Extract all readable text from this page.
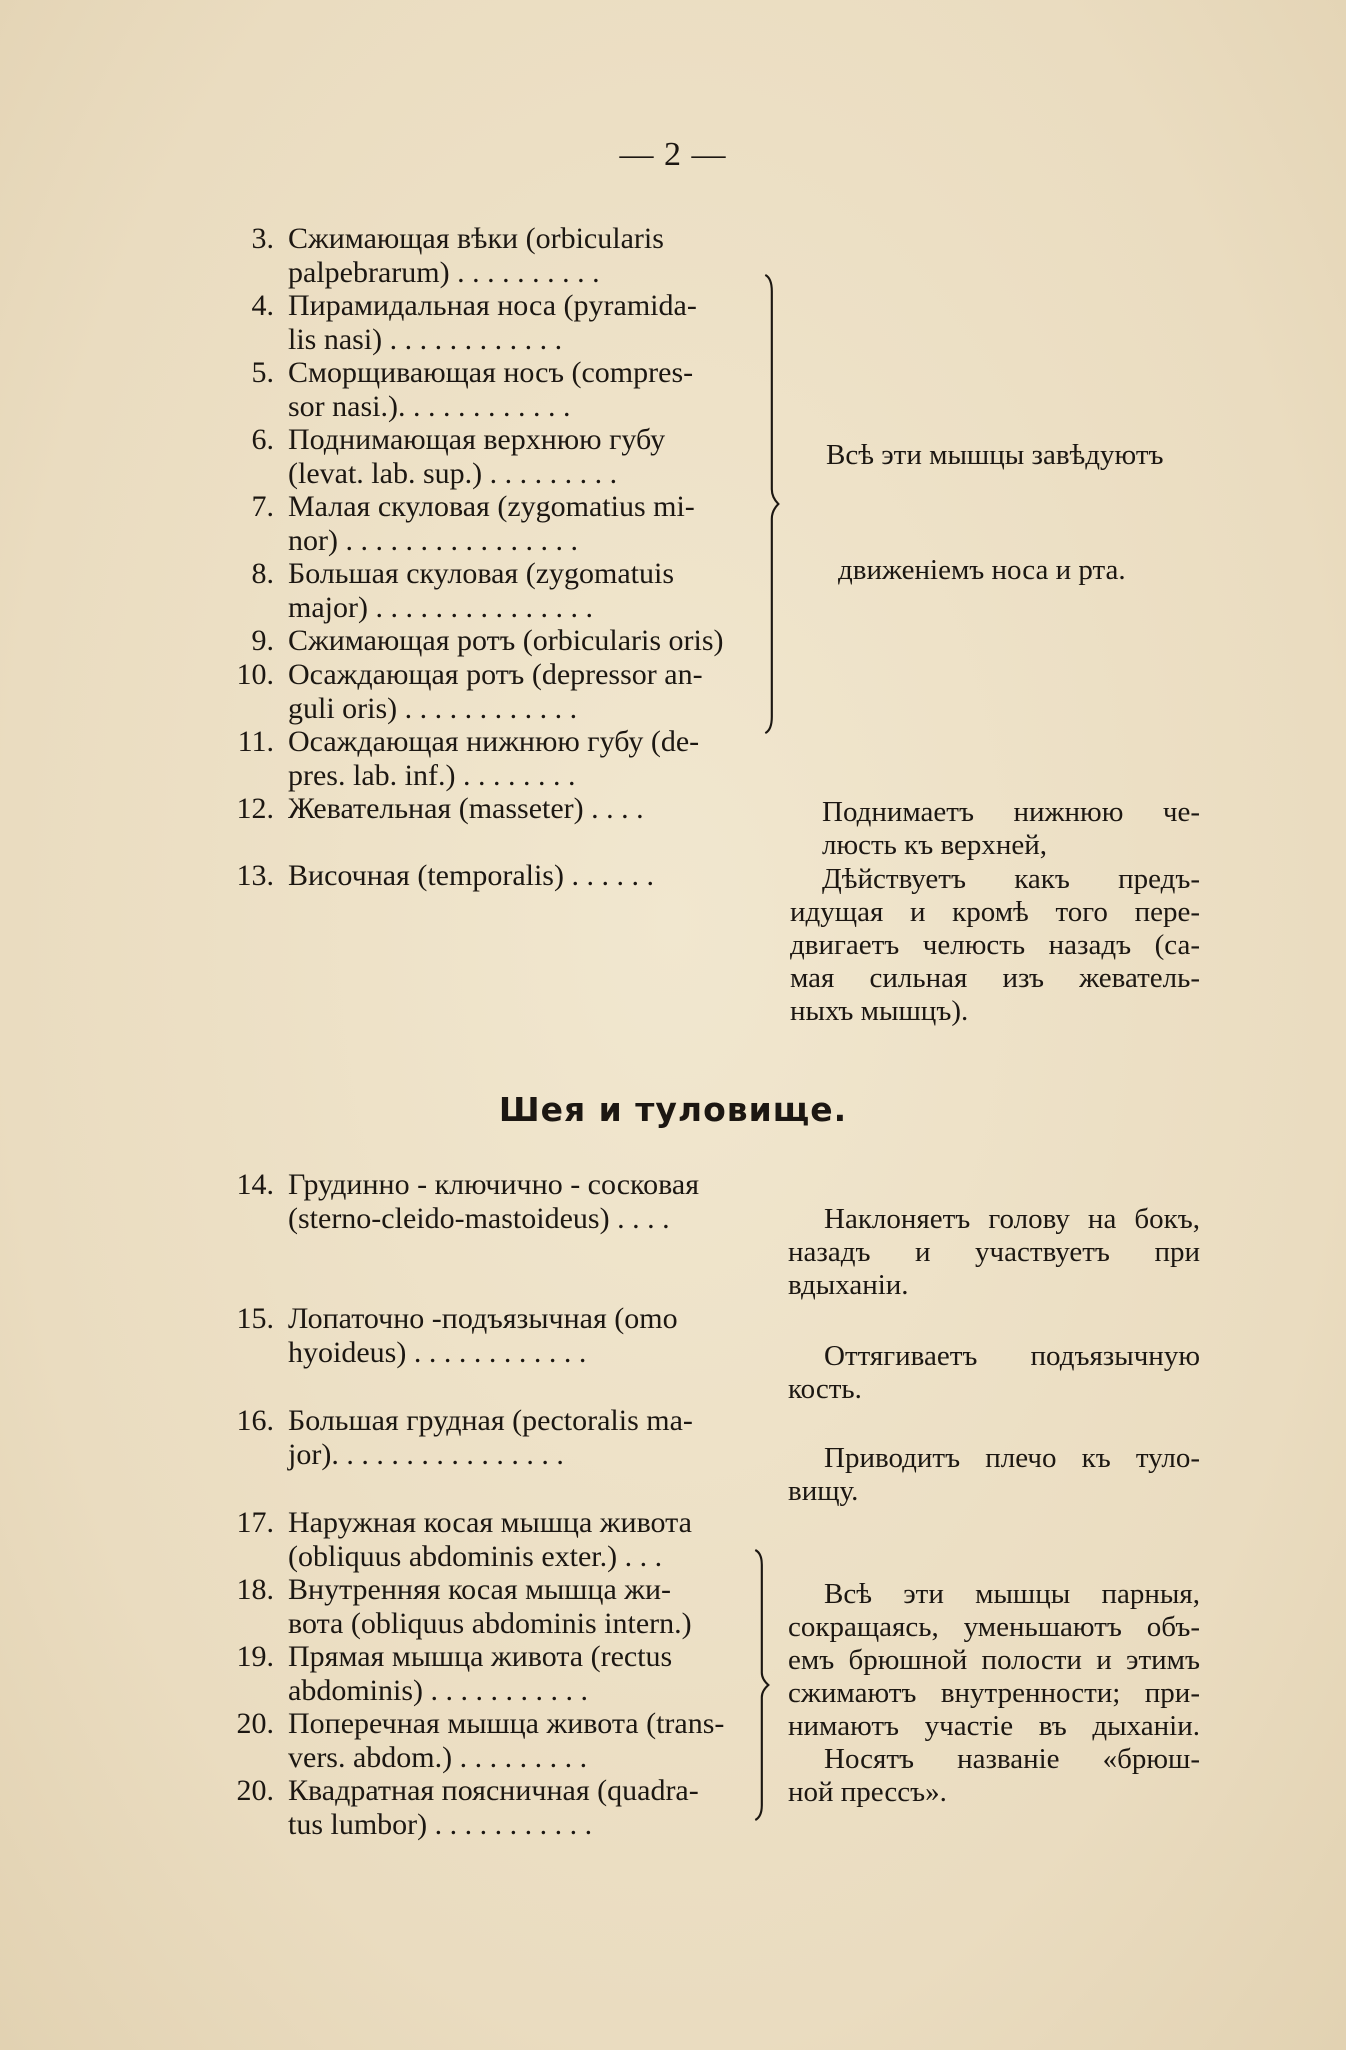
— 2 —
3. Сжимающая вѣки (orbicularis
palpebrarum) . . . . . . . . . .
4. Пирамидальная носа (pyramida-
lis nasi) . . . . . . . . . . . .
5. Сморщивающая носъ (compres-
sor nasi.). . . . . . . . . . . .
6. Поднимающая верхнюю губу
(levat. lab. sup.) . . . . . . . . .
7. Малая скуловая (zygomatius mi-
nor) . . . . . . . . . . . . . . . .
8. Большая скуловая (zygomatuis
major) . . . . . . . . . . . . . . .
9. Сжимающая ротъ (orbicularis oris)
10. Осаждающая ротъ (depressor an-
guli oris) . . . . . . . . . . . .
11. Осаждающая нижнюю губу (de-
pres. lab. inf.) . . . . . . . .
12. Жевательная (masseter) . . . .
13. Височная (temporalis) . . . . . .
Всѣ эти мышцы завѣдуютъ
движенiемъ носа и рта.
Поднимаетъ нижнюю че-
люсть къ верхней,
Дѣйствуетъ какъ предъ-
идущая и кромѣ того пере-
двигаетъ челюсть назадъ (са-
мая сильная изъ жеватель-
ныхъ мышцъ).
Шея и туловище.
14. Грудинно - ключично - сосковая
(sterno-cleido-mastoideus) . . . .
15. Лопаточно -подъязычная (omo
hyoideus) . . . . . . . . . . . .
16. Большая грудная (pectoralis ma-
jor). . . . . . . . . . . . . . . .
17. Наружная косая мышца живота
(obliquus abdominis exter.) . . .
18. Внутренняя косая мышца жи-
вота (obliquus abdominis intern.)
19. Прямая мышца живота (rectus
abdominis) . . . . . . . . . . .
20. Поперечная мышца живота (trans-
vers. abdom.) . . . . . . . . .
20. Квадратная поясничная (quadra-
tus lumbor) . . . . . . . . . . .
Наклоняетъ голову на бокъ,
назадъ и участвуетъ при
вдыханiи.
Оттягиваетъ подъязычную
кость.
Приводитъ плечо къ туло-
вищу.
Всѣ эти мышцы парныя,
сокращаясь, уменьшаютъ объ-
емъ брюшной полости и этимъ
сжимаютъ внутренности; при-
нимаютъ участiе въ дыханiи.
Носятъ названiе «брюш-
ной прессъ».
